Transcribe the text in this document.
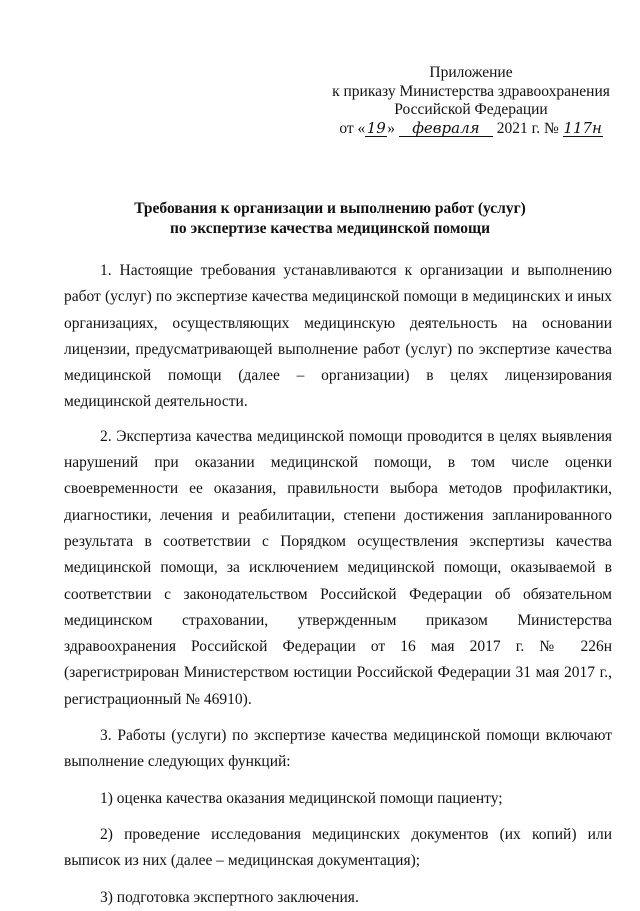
Приложение
к приказу Министерства здравоохранения
Российской Федерации
от «19» февраля 2021 г. № 117н
Требования к организации и выполнению работ (услуг)
по экспертизе качества медицинской помощи

1. Настоящие требования устанавливаются к организации и выполнению работ (услуг) по экспертизе качества медицинской помощи в медицинских и иных организациях, осуществляющих медицинскую деятельность на основании лицензии, предусматривающей выполнение работ (услуг) по экспертизе качества медицинской помощи (далее – организации) в целях лицензирования медицинской деятельности.

2. Экспертиза качества медицинской помощи проводится в целях выявления нарушений при оказании медицинской помощи, в том числе оценки своевременности ее оказания, правильности выбора методов профилактики, диагностики, лечения и реабилитации, степени достижения запланированного результата в соответствии с Порядком осуществления экспертизы качества медицинской помощи, за исключением медицинской помощи, оказываемой в соответствии с законодательством Российской Федерации об обязательном медицинском страховании, утвержденным приказом Министерства здравоохранения Российской Федерации от 16 мая 2017 г. № 226н (зарегистрирован Министерством юстиции Российской Федерации 31 мая 2017 г., регистрационный № 46910).

3. Работы (услуги) по экспертизе качества медицинской помощи включают выполнение следующих функций:

1) оценка качества оказания медицинской помощи пациенту;

2) проведение исследования медицинских документов (их копий) или выписок из них (далее – медицинская документация);

3) подготовка экспертного заключения.
